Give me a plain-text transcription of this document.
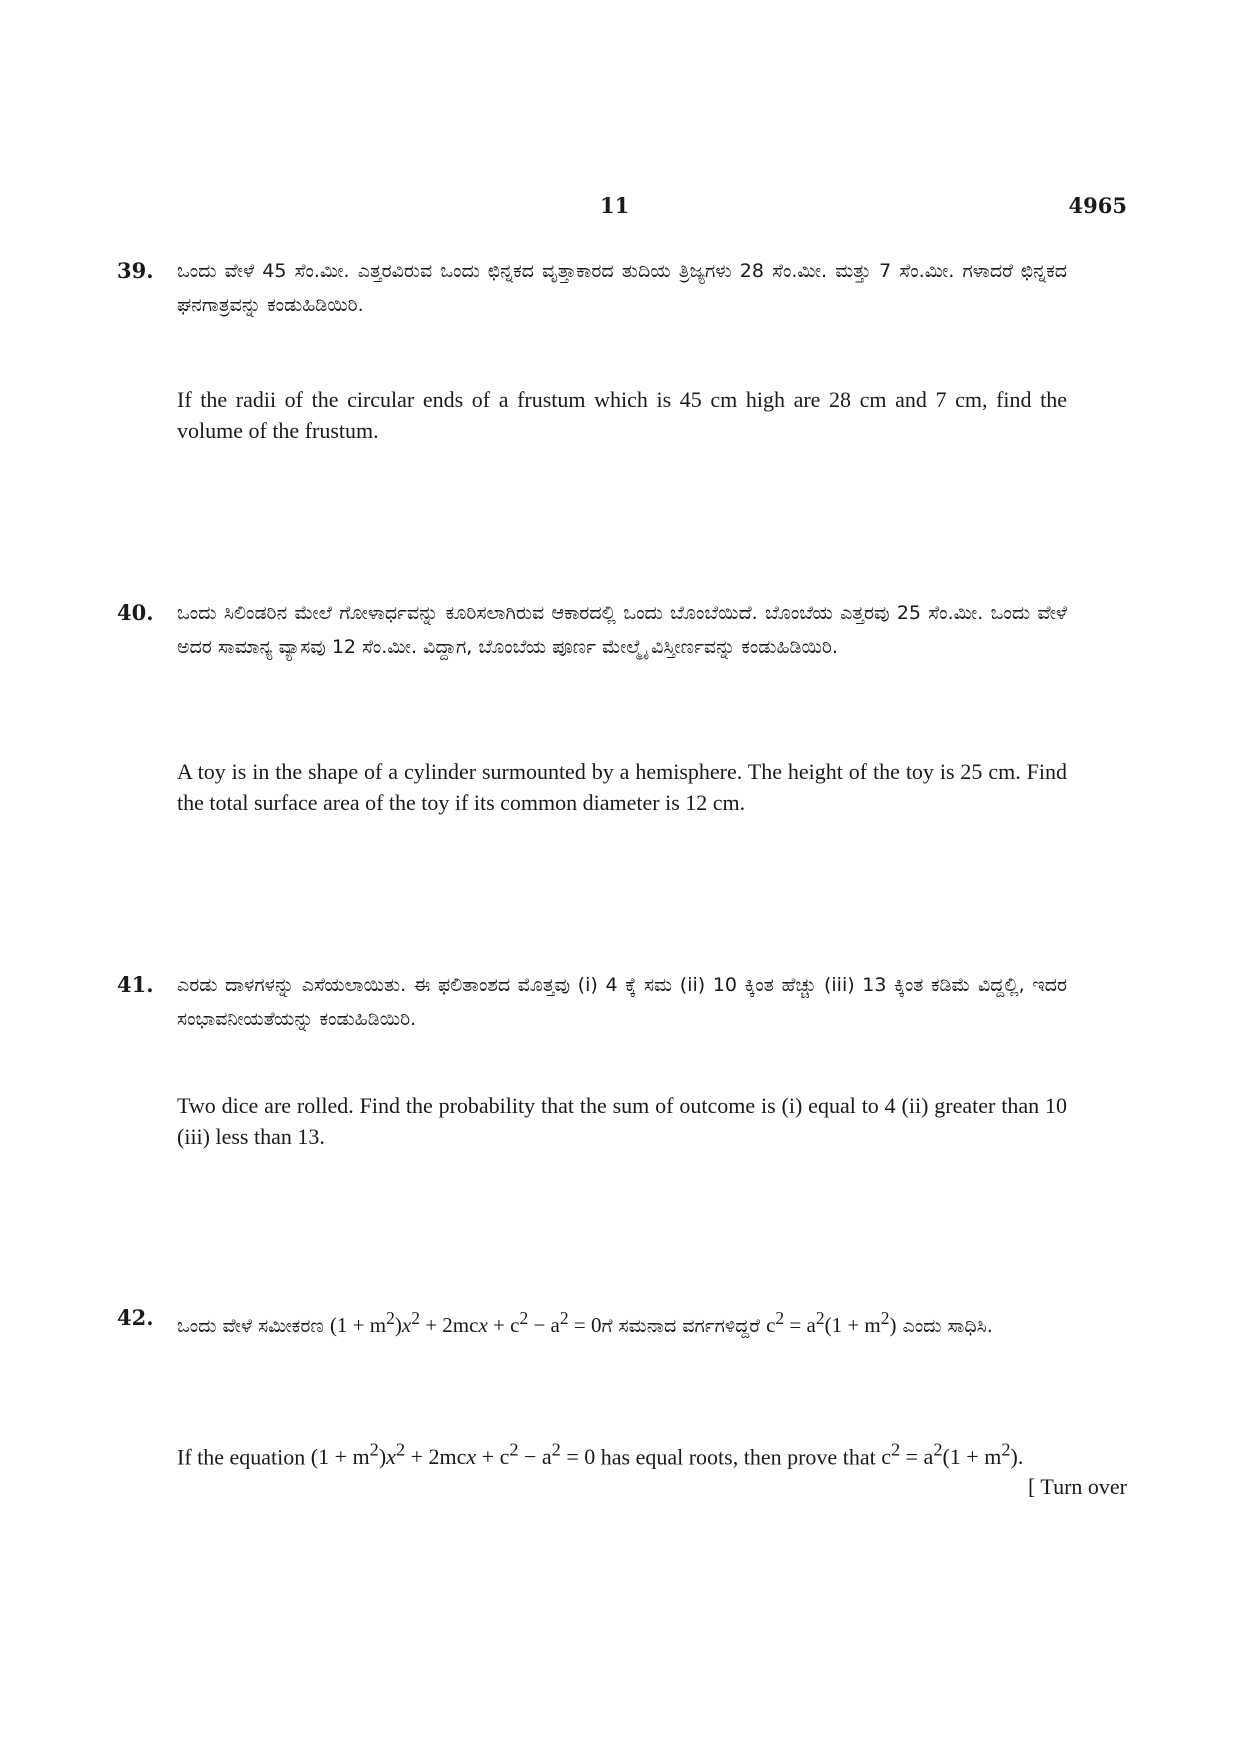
11	4965
39. ಒಂದು ವೇಳೆ 45 ಸೆಂ.ಮೀ. ಎತ್ತರವಿರುವ ಒಂದು ಛಿನ್ನಕದ ವೃತ್ತಾಕಾರದ ತುದಿಯ ತ್ರಿಜ್ಯಗಳು 28 ಸೆಂ.ಮೀ. ಮತ್ತು 7 ಸೆಂ.ಮೀ. ಗಳಾದರೆ ಛಿನ್ನಕದ ಘನಗಾತ್ರವನ್ನು ಕಂಡುಹಿಡಿಯಿರಿ.
If the radii of the circular ends of a frustum which is 45 cm high are 28 cm and 7 cm, find the volume of the frustum.
40. ಒಂದು ಸಿಲಿಂಡರಿನ ಮೇಲೆ ಗೋಳಾರ್ಧವನ್ನು ಕೂರಿಸಲಾಗಿರುವ ಆಕಾರದಲ್ಲಿ ಒಂದು ಬೊಂಬೆಯಿದೆ. ಬೊಂಬೆಯ ಎತ್ತರವು 25 ಸೆಂ.ಮೀ. ಒಂದು ವೇಳೆ ಅದರ ಸಾಮಾನ್ಯ ವ್ಯಾಸವು 12 ಸೆಂ.ಮೀ. ವಿದ್ದಾಗ, ಬೊಂಬೆಯ ಪೂರ್ಣ ಮೇಲ್ಮೈ ವಿಸ್ತೀರ್ಣವನ್ನು ಕಂಡುಹಿಡಿಯಿರಿ.
A toy is in the shape of a cylinder surmounted by a hemisphere. The height of the toy is 25 cm. Find the total surface area of the toy if its common diameter is 12 cm.
41. ಎರಡು ದಾಳಗಳನ್ನು ಎಸೆಯಲಾಯಿತು. ಈ ಫಲಿತಾಂಶದ ಮೊತ್ತವು (i) 4 ಕ್ಕೆ ಸಮ (ii) 10 ಕ್ಕಿಂತ ಹೆಚ್ಚು (iii) 13 ಕ್ಕಿಂತ ಕಡಿಮೆ ವಿದ್ದಲ್ಲಿ, ಇದರ ಸಂಭಾವನೀಯತೆಯನ್ನು ಕಂಡುಹಿಡಿಯಿರಿ.
Two dice are rolled. Find the probability that the sum of outcome is (i) equal to 4 (ii) greater than 10 (iii) less than 13.
42. ಒಂದು ವೇಳೆ ಸಮೀಕರಣ $(1 + m^2)x^2 + 2mcx + c^2 - a^2$ = 0ಗೆ ಸಮನಾದ ವರ್ಗಗಳಿದ್ದರೆ $c^2 = a^2(1 + m^2)$ ಎಂದು ಸಾಧಿಸಿ.
If the equation $(1 + m^2)x^2 + 2mcx + c^2 - a^2 = 0$ has equal roots, then prove that $c^2 = a^2(1 + m^2)$.
[ Turn over
